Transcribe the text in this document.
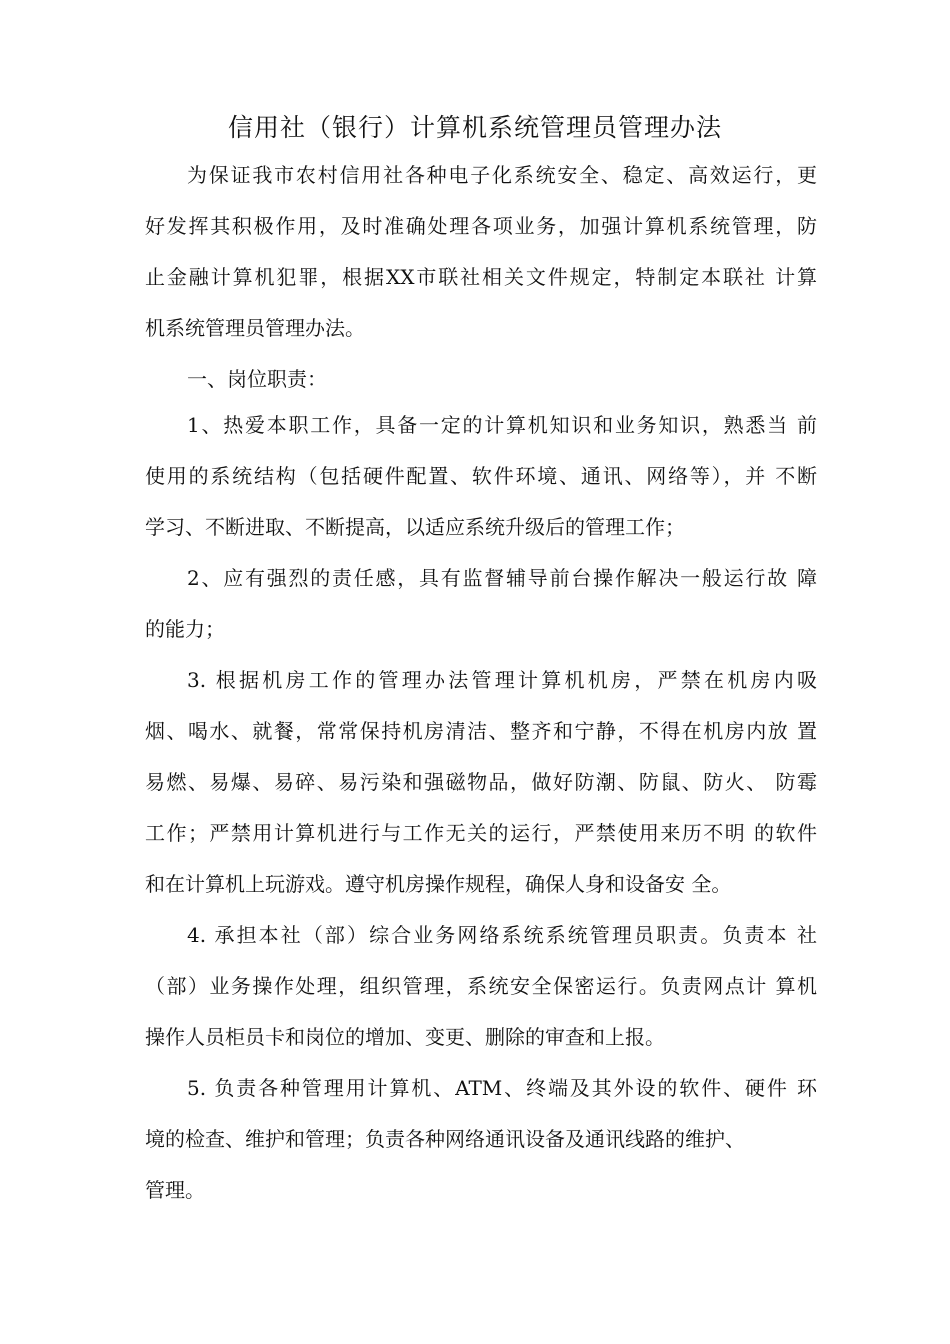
信用社（银行）计算机系统管理员管理办法
为保证我市农村信用社各种电子化系统安全、稳定、高效运行，更
好发挥其积极作用，及时准确处理各项业务，加强计算机系统管理，防
止金融计算机犯罪，根据XX市联社相关文件规定，特制定本联社 计算
机系统管理员管理办法。
一、岗位职责：
1、热爱本职工作，具备一定的计算机知识和业务知识，熟悉当 前
使用的系统结构（包括硬件配置、软件环境、通讯、网络等），并 不断
学习、不断进取、不断提高，以适应系统升级后的管理工作；
2、应有强烈的责任感，具有监督辅导前台操作解决一般运行故 障
的能力；
3. 根据机房工作的管理办法管理计算机机房，严禁在机房内吸
烟、喝水、就餐，常常保持机房清洁、整齐和宁静，不得在机房内放 置
易燃、易爆、易碎、易污染和强磁物品，做好防潮、防鼠、防火、 防霉
工作；严禁用计算机进行与工作无关的运行，严禁使用来历不明 的软件
和在计算机上玩游戏。遵守机房操作规程，确保人身和设备安 全。
4. 承担本社（部）综合业务网络系统系统管理员职责。负责本 社
（部）业务操作处理，组织管理，系统安全保密运行。负责网点计 算机
操作人员柜员卡和岗位的增加、变更、删除的审查和上报。
5. 负责各种管理用计算机、ATM、终端及其外设的软件、硬件 环
境的检查、维护和管理；负责各种网络通讯设备及通讯线路的维护、
管理。
